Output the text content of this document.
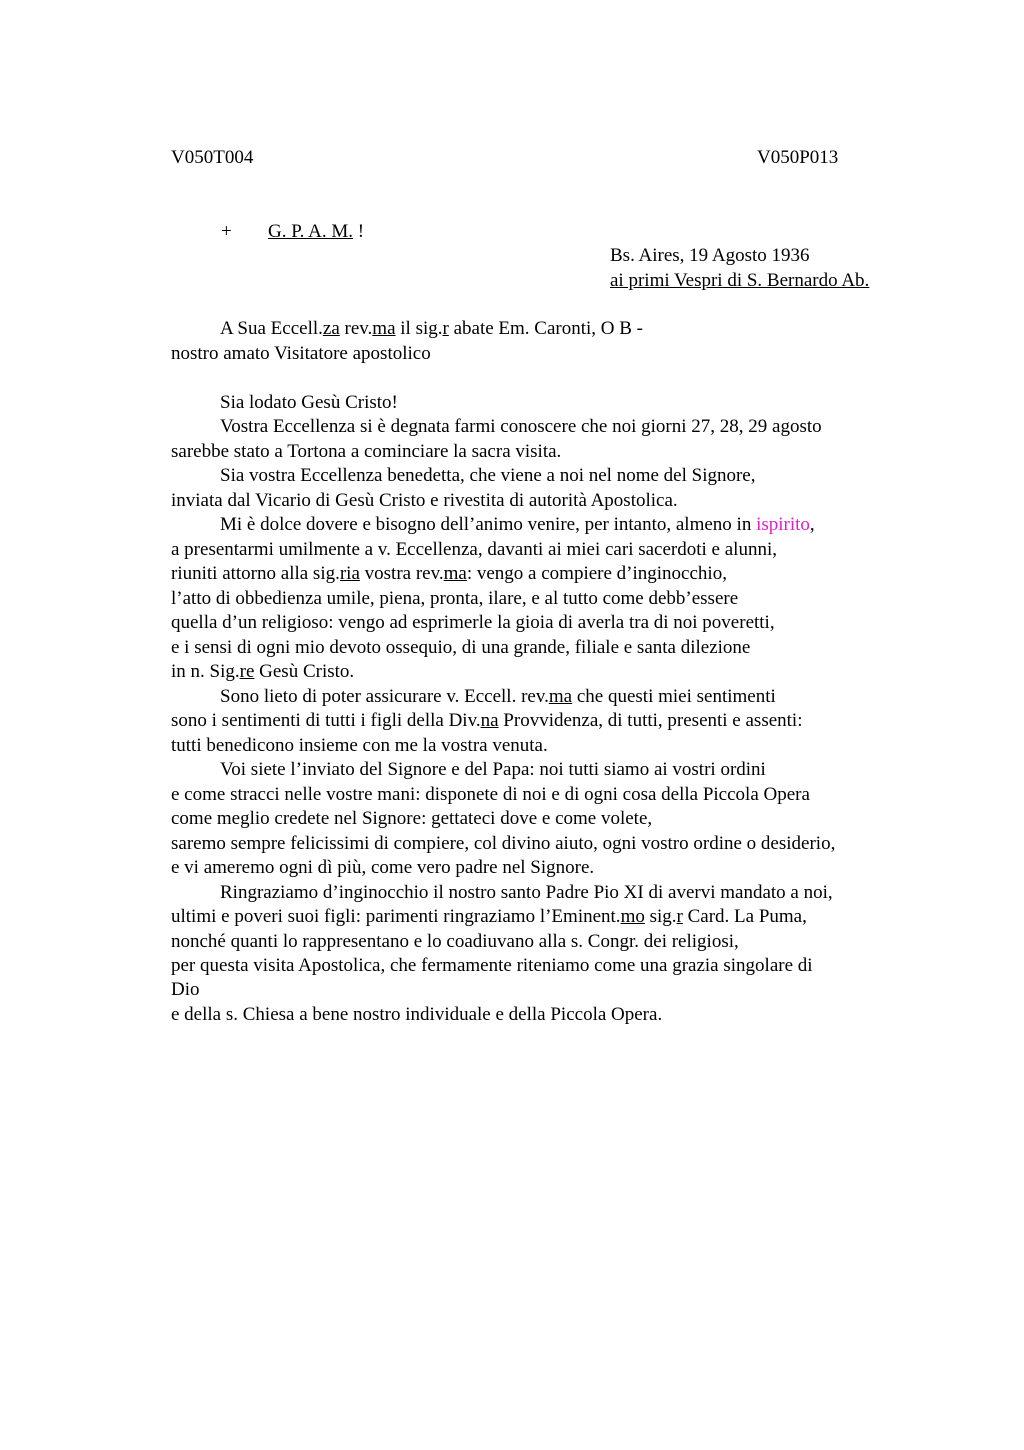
V050T004	V050P013
+ G. P. A. M. !
Bs. Aires, 19 Agosto 1936
ai primi Vespri di S. Bernardo Ab.
A Sua Eccell.za rev.ma il sig.r abate Em. Caronti, O B -
nostro amato Visitatore apostolico
Sia lodato Gesù Cristo!
Vostra Eccellenza si è degnata farmi conoscere che noi giorni 27, 28, 29 agosto
sarebbe stato a Tortona a cominciare la sacra visita.
Sia vostra Eccellenza benedetta, che viene a noi nel nome del Signore,
inviata dal Vicario di Gesù Cristo e rivestita di autorità Apostolica.
Mi è dolce dovere e bisogno dell’animo venire, per intanto, almeno in ispirito,
a presentarmi umilmente a v. Eccellenza, davanti ai miei cari sacerdoti e alunni,
riuniti attorno alla sig.ria vostra rev.ma: vengo a compiere d’inginocchio,
l’atto di obbedienza umile, piena, pronta, ilare, e al tutto come debb’essere
quella d’un religioso: vengo ad esprimerle la gioia di averla tra di noi poveretti,
e i sensi di ogni mio devoto ossequio, di una grande, filiale e santa dilezione
in n. Sig.re Gesù Cristo.
Sono lieto di poter assicurare v. Eccell. rev.ma che questi miei sentimenti
sono i sentimenti di tutti i figli della Div.na Provvidenza, di tutti, presenti e assenti:
tutti benedicono insieme con me la vostra venuta.
Voi siete l’inviato del Signore e del Papa: noi tutti siamo ai vostri ordini
e come stracci nelle vostre mani: disponete di noi e di ogni cosa della Piccola Opera
come meglio credete nel Signore: gettateci dove e come volete,
saremo sempre felicissimi di compiere, col divino aiuto, ogni vostro ordine o desiderio,
e vi ameremo ogni dì più, come vero padre nel Signore.
Ringraziamo d’inginocchio il nostro santo Padre Pio XI di avervi mandato a noi,
ultimi e poveri suoi figli: parimenti ringraziamo l’Eminent.mo sig.r Card. La Puma,
nonché quanti lo rappresentano e lo coadiuvano alla s. Congr. dei religiosi,
per questa visita Apostolica, che fermamente riteniamo come una grazia singolare di
Dio
e della s. Chiesa a bene nostro individuale e della Piccola Opera.
